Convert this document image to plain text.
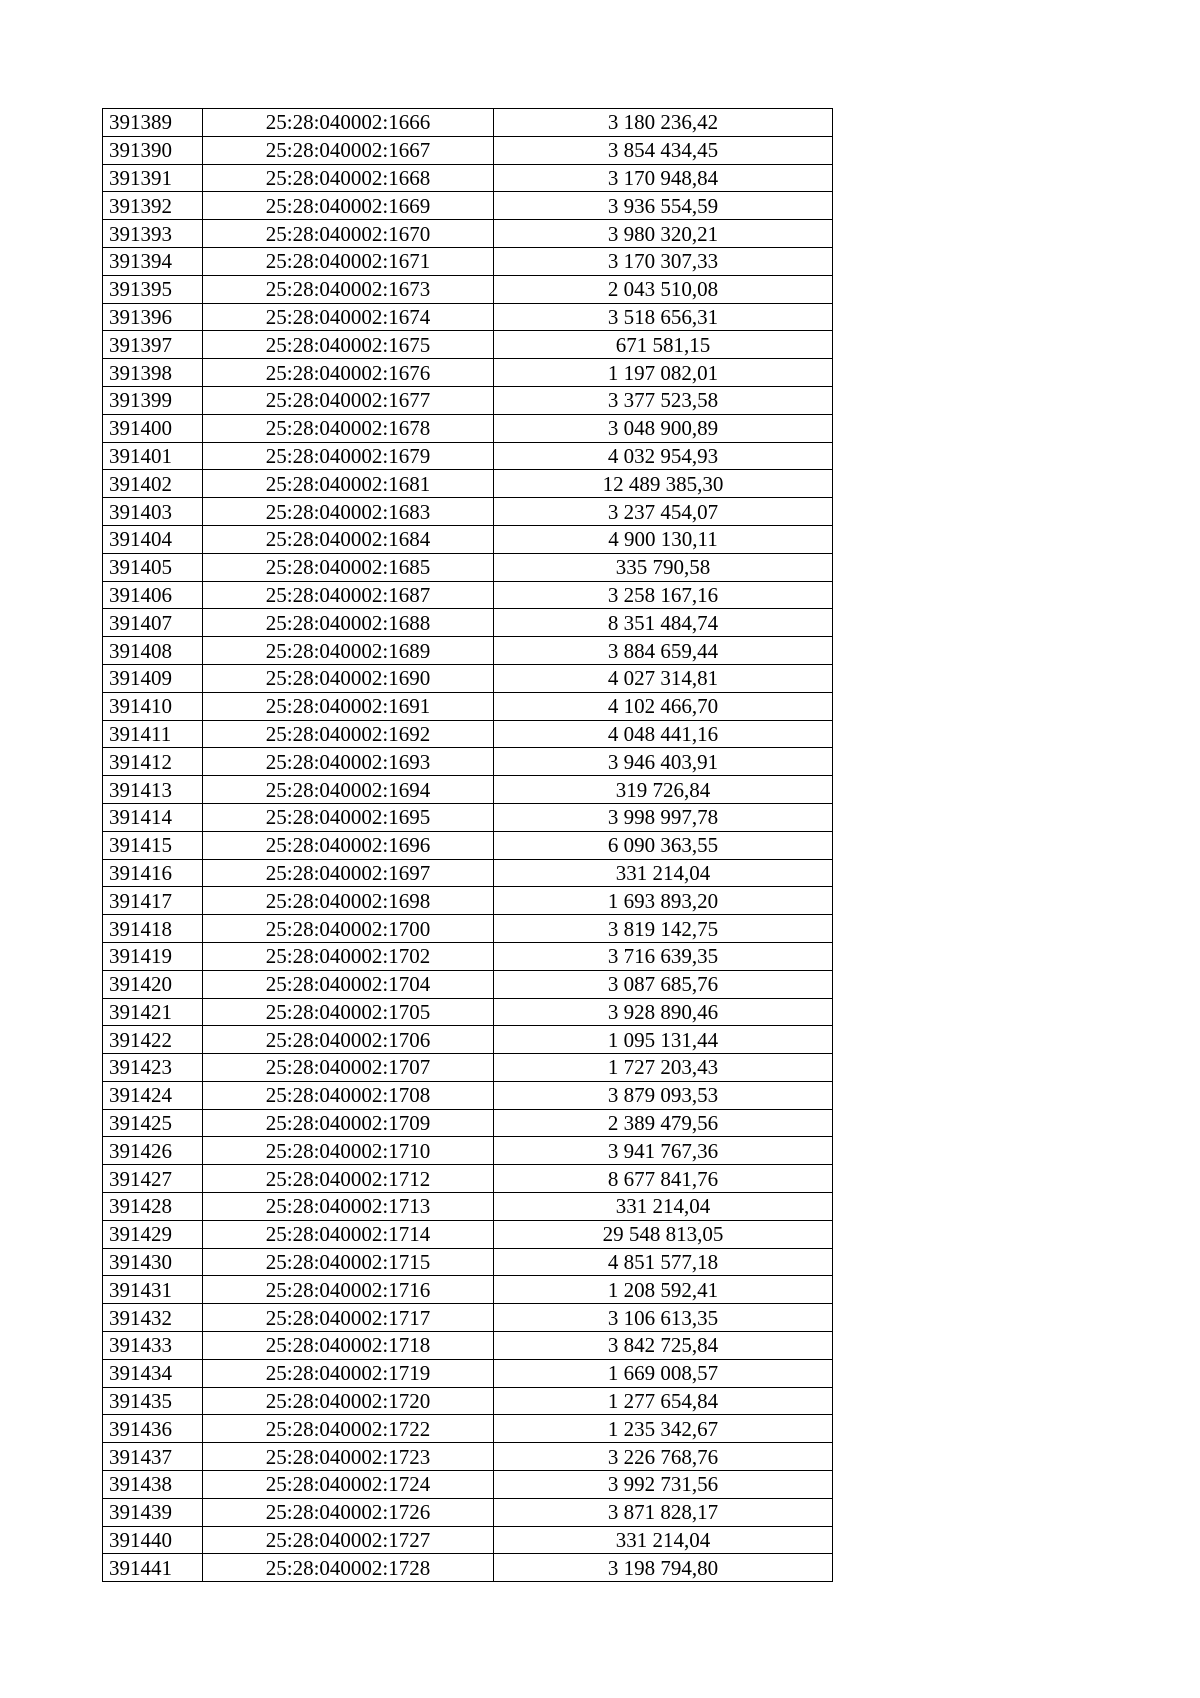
391389	25:28:040002:1666	3 180 236,42
391390	25:28:040002:1667	3 854 434,45
391391	25:28:040002:1668	3 170 948,84
391392	25:28:040002:1669	3 936 554,59
391393	25:28:040002:1670	3 980 320,21
391394	25:28:040002:1671	3 170 307,33
391395	25:28:040002:1673	2 043 510,08
391396	25:28:040002:1674	3 518 656,31
391397	25:28:040002:1675	671 581,15
391398	25:28:040002:1676	1 197 082,01
391399	25:28:040002:1677	3 377 523,58
391400	25:28:040002:1678	3 048 900,89
391401	25:28:040002:1679	4 032 954,93
391402	25:28:040002:1681	12 489 385,30
391403	25:28:040002:1683	3 237 454,07
391404	25:28:040002:1684	4 900 130,11
391405	25:28:040002:1685	335 790,58
391406	25:28:040002:1687	3 258 167,16
391407	25:28:040002:1688	8 351 484,74
391408	25:28:040002:1689	3 884 659,44
391409	25:28:040002:1690	4 027 314,81
391410	25:28:040002:1691	4 102 466,70
391411	25:28:040002:1692	4 048 441,16
391412	25:28:040002:1693	3 946 403,91
391413	25:28:040002:1694	319 726,84
391414	25:28:040002:1695	3 998 997,78
391415	25:28:040002:1696	6 090 363,55
391416	25:28:040002:1697	331 214,04
391417	25:28:040002:1698	1 693 893,20
391418	25:28:040002:1700	3 819 142,75
391419	25:28:040002:1702	3 716 639,35
391420	25:28:040002:1704	3 087 685,76
391421	25:28:040002:1705	3 928 890,46
391422	25:28:040002:1706	1 095 131,44
391423	25:28:040002:1707	1 727 203,43
391424	25:28:040002:1708	3 879 093,53
391425	25:28:040002:1709	2 389 479,56
391426	25:28:040002:1710	3 941 767,36
391427	25:28:040002:1712	8 677 841,76
391428	25:28:040002:1713	331 214,04
391429	25:28:040002:1714	29 548 813,05
391430	25:28:040002:1715	4 851 577,18
391431	25:28:040002:1716	1 208 592,41
391432	25:28:040002:1717	3 106 613,35
391433	25:28:040002:1718	3 842 725,84
391434	25:28:040002:1719	1 669 008,57
391435	25:28:040002:1720	1 277 654,84
391436	25:28:040002:1722	1 235 342,67
391437	25:28:040002:1723	3 226 768,76
391438	25:28:040002:1724	3 992 731,56
391439	25:28:040002:1726	3 871 828,17
391440	25:28:040002:1727	331 214,04
391441	25:28:040002:1728	3 198 794,80
